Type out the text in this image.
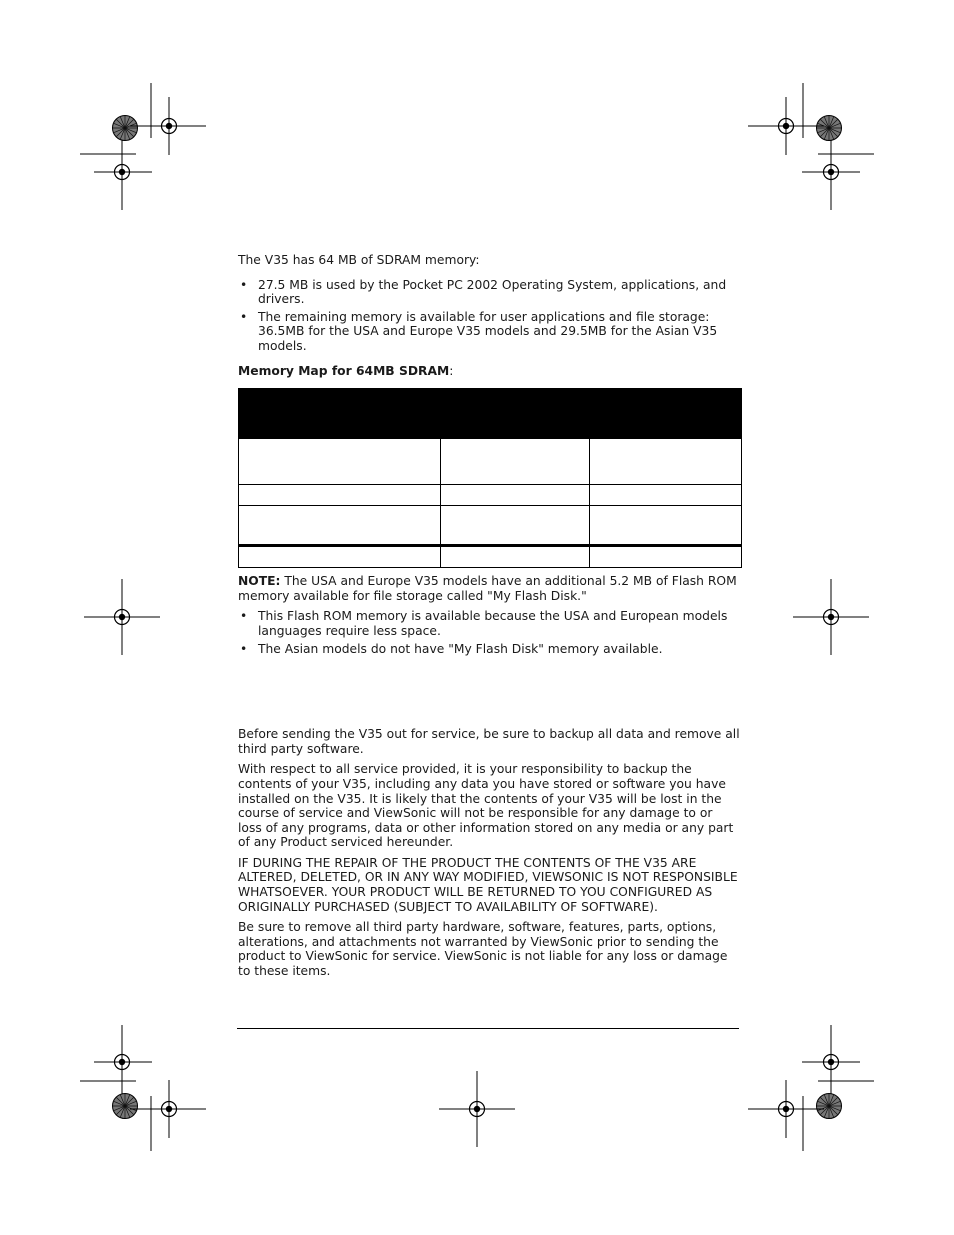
The V35 has 64 MB of SDRAM memory:

• 27.5 MB is used by the Pocket PC 2002 Operating System, applications, and drivers.
• The remaining memory is available for user applications and file storage: 36.5MB for the USA and Europe V35 models and 29.5MB for the Asian V35 models.

Memory Map for 64MB SDRAM:

NOTE: The USA and Europe V35 models have an additional 5.2 MB of Flash ROM memory available for file storage called "My Flash Disk."

• This Flash ROM memory is available because the USA and European models languages require less space.
• The Asian models do not have "My Flash Disk" memory available.

Before sending the V35 out for service, be sure to backup all data and remove all third party software.

With respect to all service provided, it is your responsibility to backup the contents of your V35, including any data you have stored or software you have installed on the V35. It is likely that the contents of your V35 will be lost in the course of service and ViewSonic will not be responsible for any damage to or loss of any programs, data or other information stored on any media or any part of any Product serviced hereunder.

IF DURING THE REPAIR OF THE PRODUCT THE CONTENTS OF THE V35 ARE ALTERED, DELETED, OR IN ANY WAY MODIFIED, VIEWSONIC IS NOT RESPONSIBLE WHATSOEVER. YOUR PRODUCT WILL BE RETURNED TO YOU CONFIGURED AS ORIGINALLY PURCHASED (SUBJECT TO AVAILABILITY OF SOFTWARE).

Be sure to remove all third party hardware, software, features, parts, options, alterations, and attachments not warranted by ViewSonic prior to sending the product to ViewSonic for service. ViewSonic is not liable for any loss or damage to these items.
